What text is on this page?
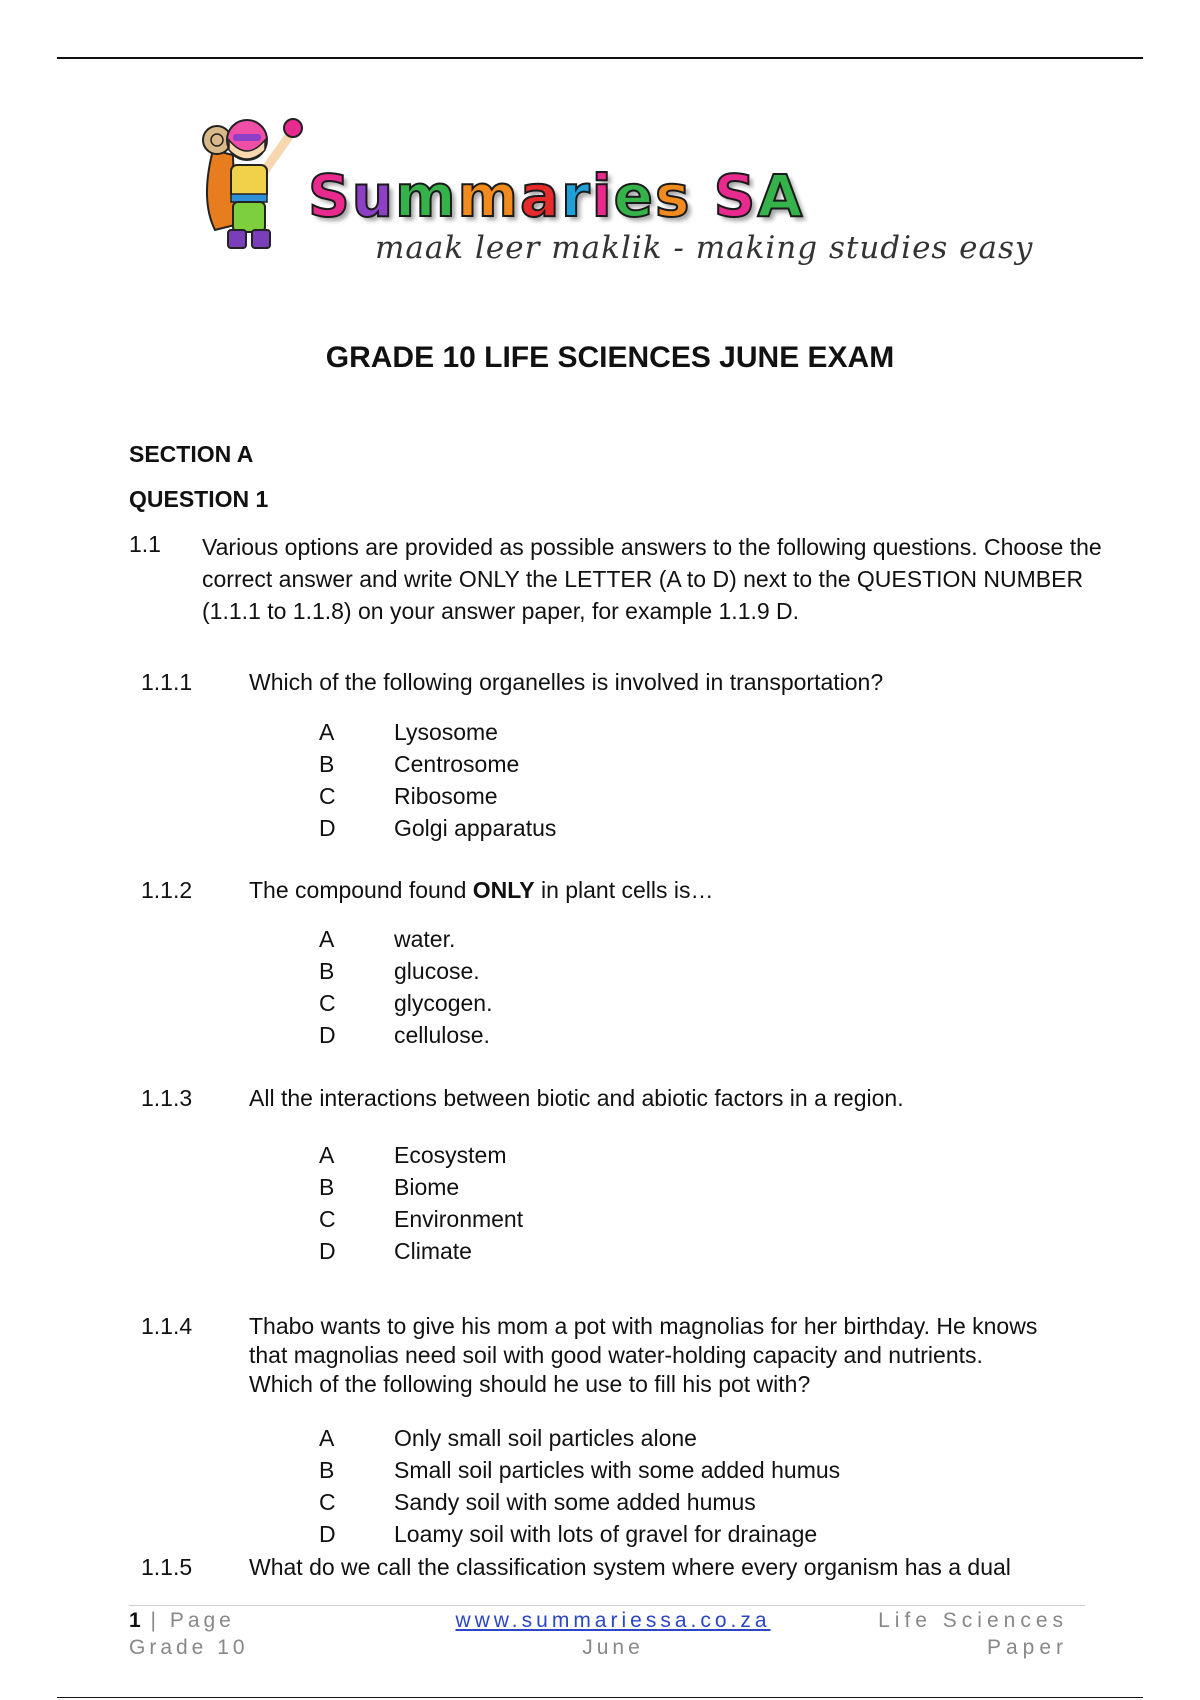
Summaries SA
maak leer maklik - making studies easy
GRADE 10 LIFE SCIENCES JUNE EXAM
SECTION A
QUESTION 1
1.1 Various options are provided as possible answers to the following questions. Choose the correct answer and write ONLY the LETTER (A to D) next to the QUESTION NUMBER (1.1.1 to 1.1.8) on your answer paper, for example 1.1.9 D.
1.1.1 Which of the following organelles is involved in transportation?
A	Lysosome
B	Centrosome
C	Ribosome
D	Golgi apparatus
1.1.2 The compound found ONLY in plant cells is…
A	water.
B	glucose.
C	glycogen.
D	cellulose.
1.1.3 All the interactions between biotic and abiotic factors in a region.
A	Ecosystem
B	Biome
C	Environment
D	Climate
1.1.4 Thabo wants to give his mom a pot with magnolias for her birthday. He knows that magnolias need soil with good water-holding capacity and nutrients. Which of the following should he use to fill his pot with?
A	Only small soil particles alone
B	Small soil particles with some added humus
C	Sandy soil with some added humus
D	Loamy soil with lots of gravel for drainage
1.1.5 What do we call the classification system where every organism has a dual
1 | Page
Grade 10
www.summariessa.co.za
June
Life Sciences
Paper
